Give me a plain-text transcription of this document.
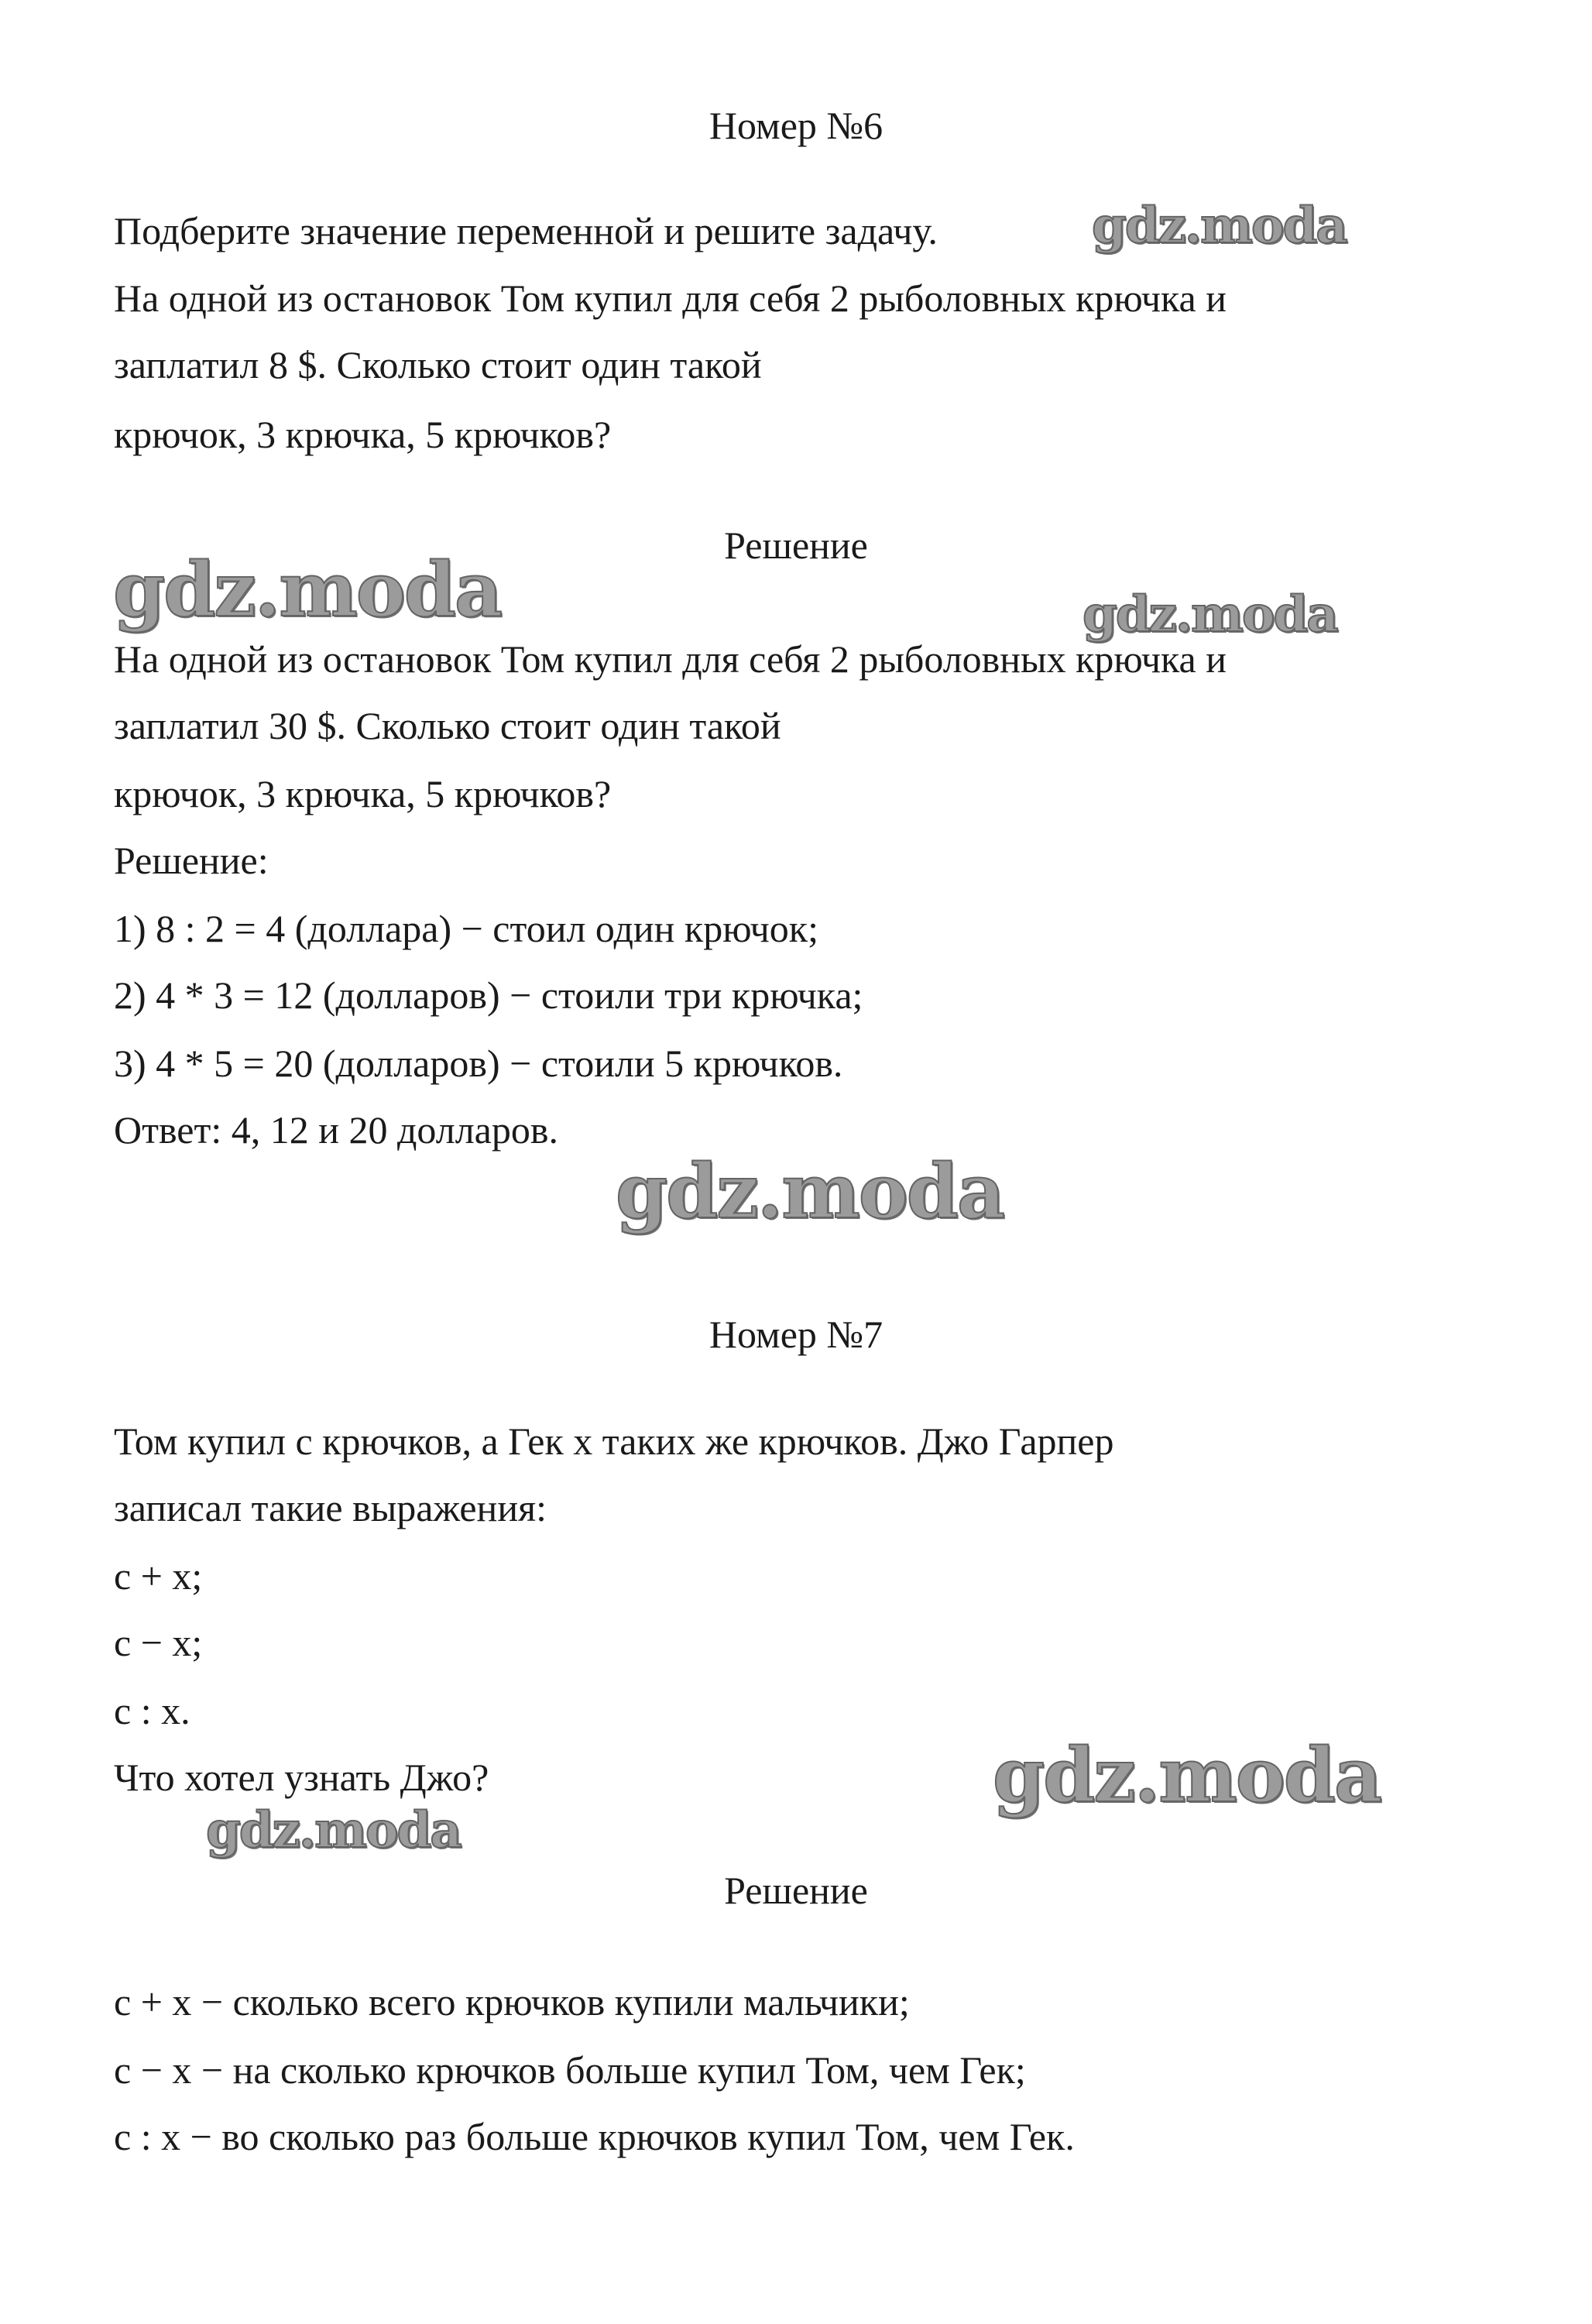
Номер №6
Подберите значение переменной и решите задачу.
На одной из остановок Том купил для себя 2 рыболовных крючка и
заплатил 8 $. Сколько стоит один такой
крючок, 3 крючка, 5 крючков?
Решение
На одной из остановок Том купил для себя 2 рыболовных крючка и
заплатил 30 $. Сколько стоит один такой
крючок, 3 крючка, 5 крючков?
Решение:
1) 8 : 2 = 4 (доллара) − стоил один крючок;
2) 4 * 3 = 12 (долларов) − стоили три крючка;
3) 4 * 5 = 20 (долларов) − стоили 5 крючков.
Ответ: 4, 12 и 20 долларов.
Номер №7
Том купил с крючков, а Гек х таких же крючков. Джо Гарпер
записал такие выражения:
c + x;
c − x;
c : x.
Что хотел узнать Джо?
Решение
c + x − сколько всего крючков купили мальчики;
c − x − на сколько крючков больше купил Том, чем Гек;
c : x − во сколько раз больше крючков купил Том, чем Гек.
gdz.moda
gdz.moda	gdz.moda
gdz.moda
gdz.moda
gdz.moda
